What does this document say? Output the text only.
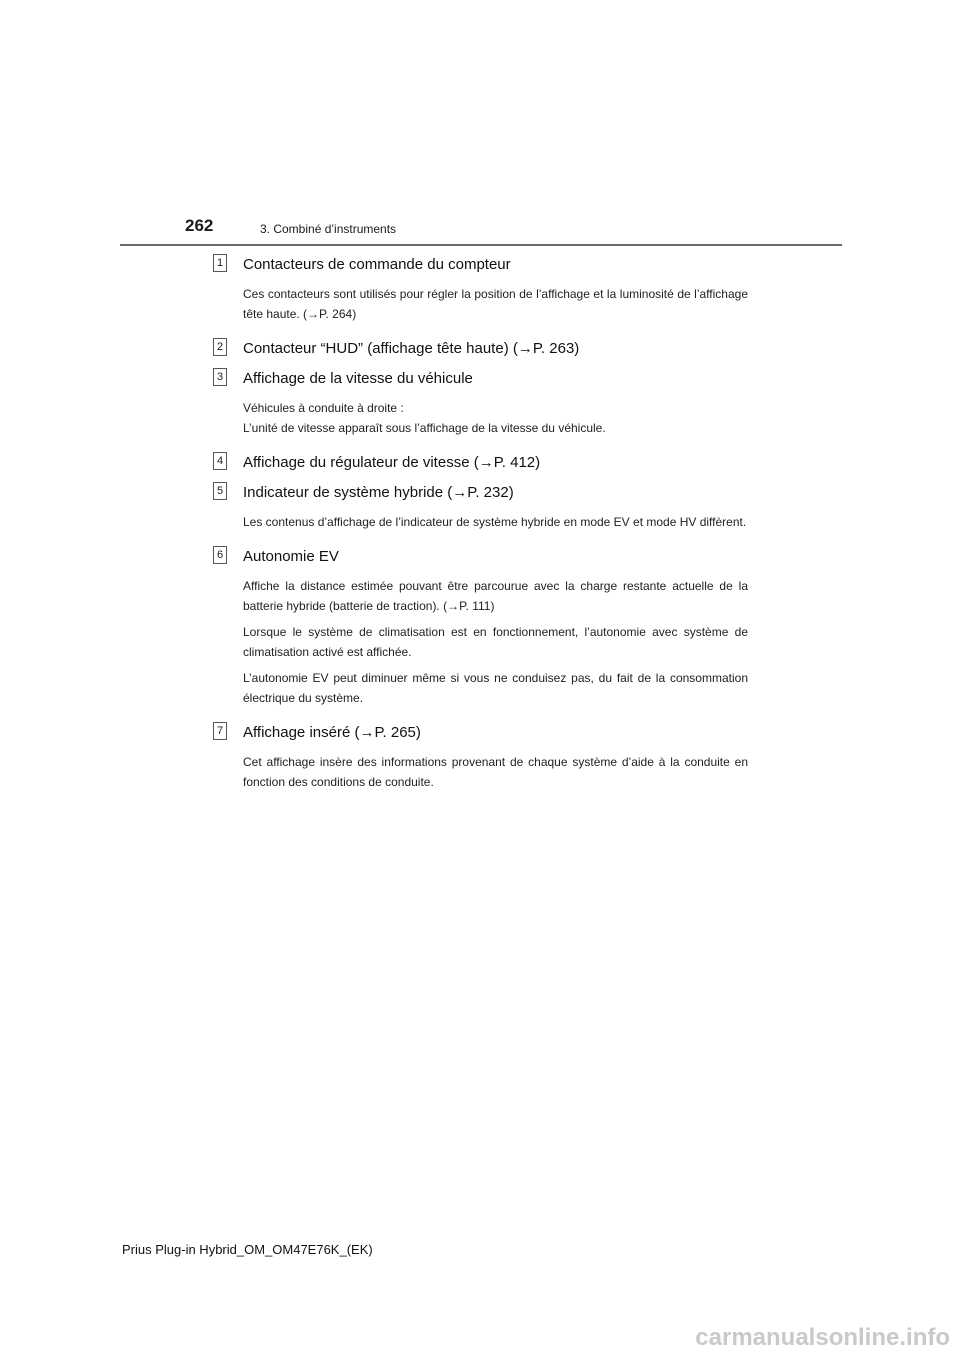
262	3. Combiné d’instruments
1 Contacteurs de commande du compteur

Ces contacteurs sont utilisés pour régler la position de l’affichage et la luminosité de l’affichage tête haute. (→P. 264)

2 Contacteur “HUD” (affichage tête haute) (→P. 263)
3 Affichage de la vitesse du véhicule

Véhicules à conduite à droite :

L’unité de vitesse apparaît sous l’affichage de la vitesse du véhicule.

4 Affichage du régulateur de vitesse (→P. 412)
5 Indicateur de système hybride (→P. 232)

Les contenus d’affichage de l’indicateur de système hybride en mode EV et mode HV diffèrent.

6 Autonomie EV

Affiche la distance estimée pouvant être parcourue avec la charge restante actuelle de la batterie hybride (batterie de traction). (→P. 111)

Lorsque le système de climatisation est en fonctionnement, l’autonomie avec système de climatisation activé est affichée.

L’autonomie EV peut diminuer même si vous ne conduisez pas, du fait de la consommation électrique du système.

7 Affichage inséré (→P. 265)

Cet affichage insère des informations provenant de chaque système d’aide à la conduite en fonction des conditions de conduite.

Prius Plug-in Hybrid_OM_OM47E76K_(EK)
carmanualsonline.info
